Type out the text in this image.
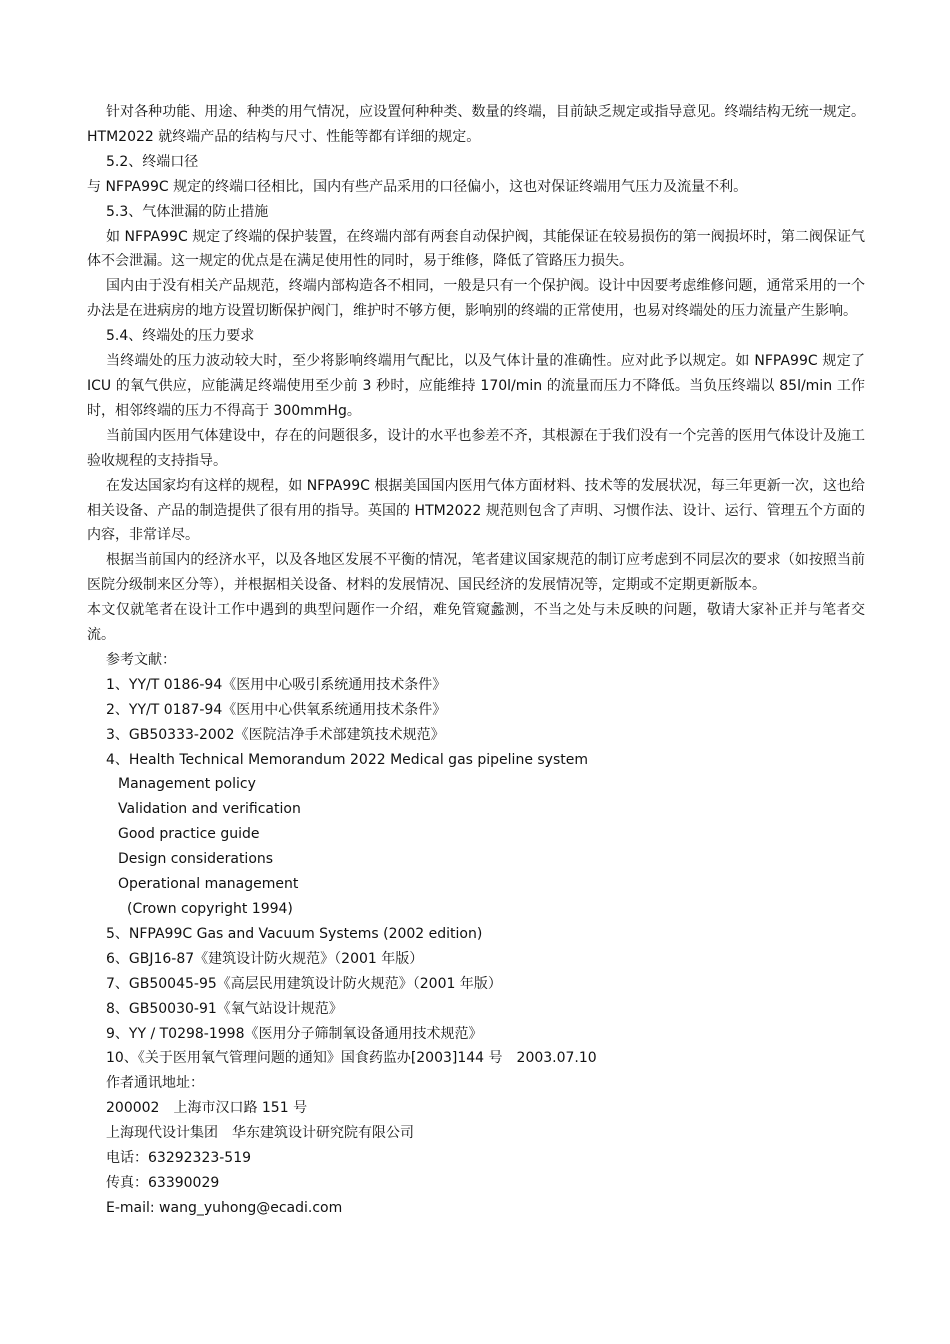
针对各种功能、用途、种类的用气情况，应设置何种种类、数量的终端，目前缺乏规定或指导意见。终端结构无统一规定。HTM2022 就终端产品的结构与尺寸、性能等都有详细的规定。

5.2、终端口径

与 NFPA99C 规定的终端口径相比，国内有些产品采用的口径偏小，这也对保证终端用气压力及流量不利。

5.3、气体泄漏的防止措施

如 NFPA99C 规定了终端的保护装置，在终端内部有两套自动保护阀，其能保证在较易损伤的第一阀损坏时，第二阀保证气体不会泄漏。这一规定的优点是在满足使用性的同时，易于维修，降低了管路压力损失。

国内由于没有相关产品规范，终端内部构造各不相同，一般是只有一个保护阀。设计中因要考虑维修问题，通常采用的一个办法是在进病房的地方设置切断保护阀门，维护时不够方便，影响别的终端的正常使用，也易对终端处的压力流量产生影响。

5.4、终端处的压力要求

当终端处的压力波动较大时，至少将影响终端用气配比，以及气体计量的准确性。应对此予以规定。如 NFPA99C 规定了 ICU 的氧气供应，应能满足终端使用至少前 3 秒时，应能维持 170l/min 的流量而压力不降低。当负压终端以 85l/min 工作时，相邻终端的压力不得高于 300mmHg。

当前国内医用气体建设中，存在的问题很多，设计的水平也参差不齐，其根源在于我们没有一个完善的医用气体设计及施工验收规程的支持指导。

在发达国家均有这样的规程，如 NFPA99C 根据美国国内医用气体方面材料、技术等的发展状况，每三年更新一次，这也给相关设备、产品的制造提供了很有用的指导。英国的 HTM2022 规范则包含了声明、习惯作法、设计、运行、管理五个方面的内容，非常详尽。

根据当前国内的经济水平，以及各地区发展不平衡的情况，笔者建议国家规范的制订应考虑到不同层次的要求（如按照当前医院分级制来区分等），并根据相关设备、材料的发展情况、国民经济的发展情况等，定期或不定期更新版本。

本文仅就笔者在设计工作中遇到的典型问题作一介绍，难免管窥蠡测，不当之处与未反映的问题，敬请大家补正并与笔者交流。

参考文献：

1、YY/T 0186-94《医用中心吸引系统通用技术条件》

2、YY/T 0187-94《医用中心供氧系统通用技术条件》

3、GB50333-2002《医院洁净手术部建筑技术规范》

4、Health Technical Memorandum 2022 Medical gas pipeline system

Management policy

Validation and verification

Good practice guide

Design considerations

Operational management

(Crown copyright 1994)

5、NFPA99C Gas and Vacuum Systems (2002 edition)

6、GBJ16-87《建筑设计防火规范》（2001 年版）

7、GB50045-95《高层民用建筑设计防火规范》（2001 年版）

8、GB50030-91《氧气站设计规范》

9、YY / T0298-1998《医用分子筛制氧设备通用技术规范》

10、《关于医用氧气管理问题的通知》国食药监办[2003]144 号　2003.07.10

作者通讯地址：

200002　上海市汉口路 151 号

上海现代设计集团　华东建筑设计研究院有限公司

电话：63292323-519

传真：63390029

E-mail: wang_yuhong@ecadi.com
